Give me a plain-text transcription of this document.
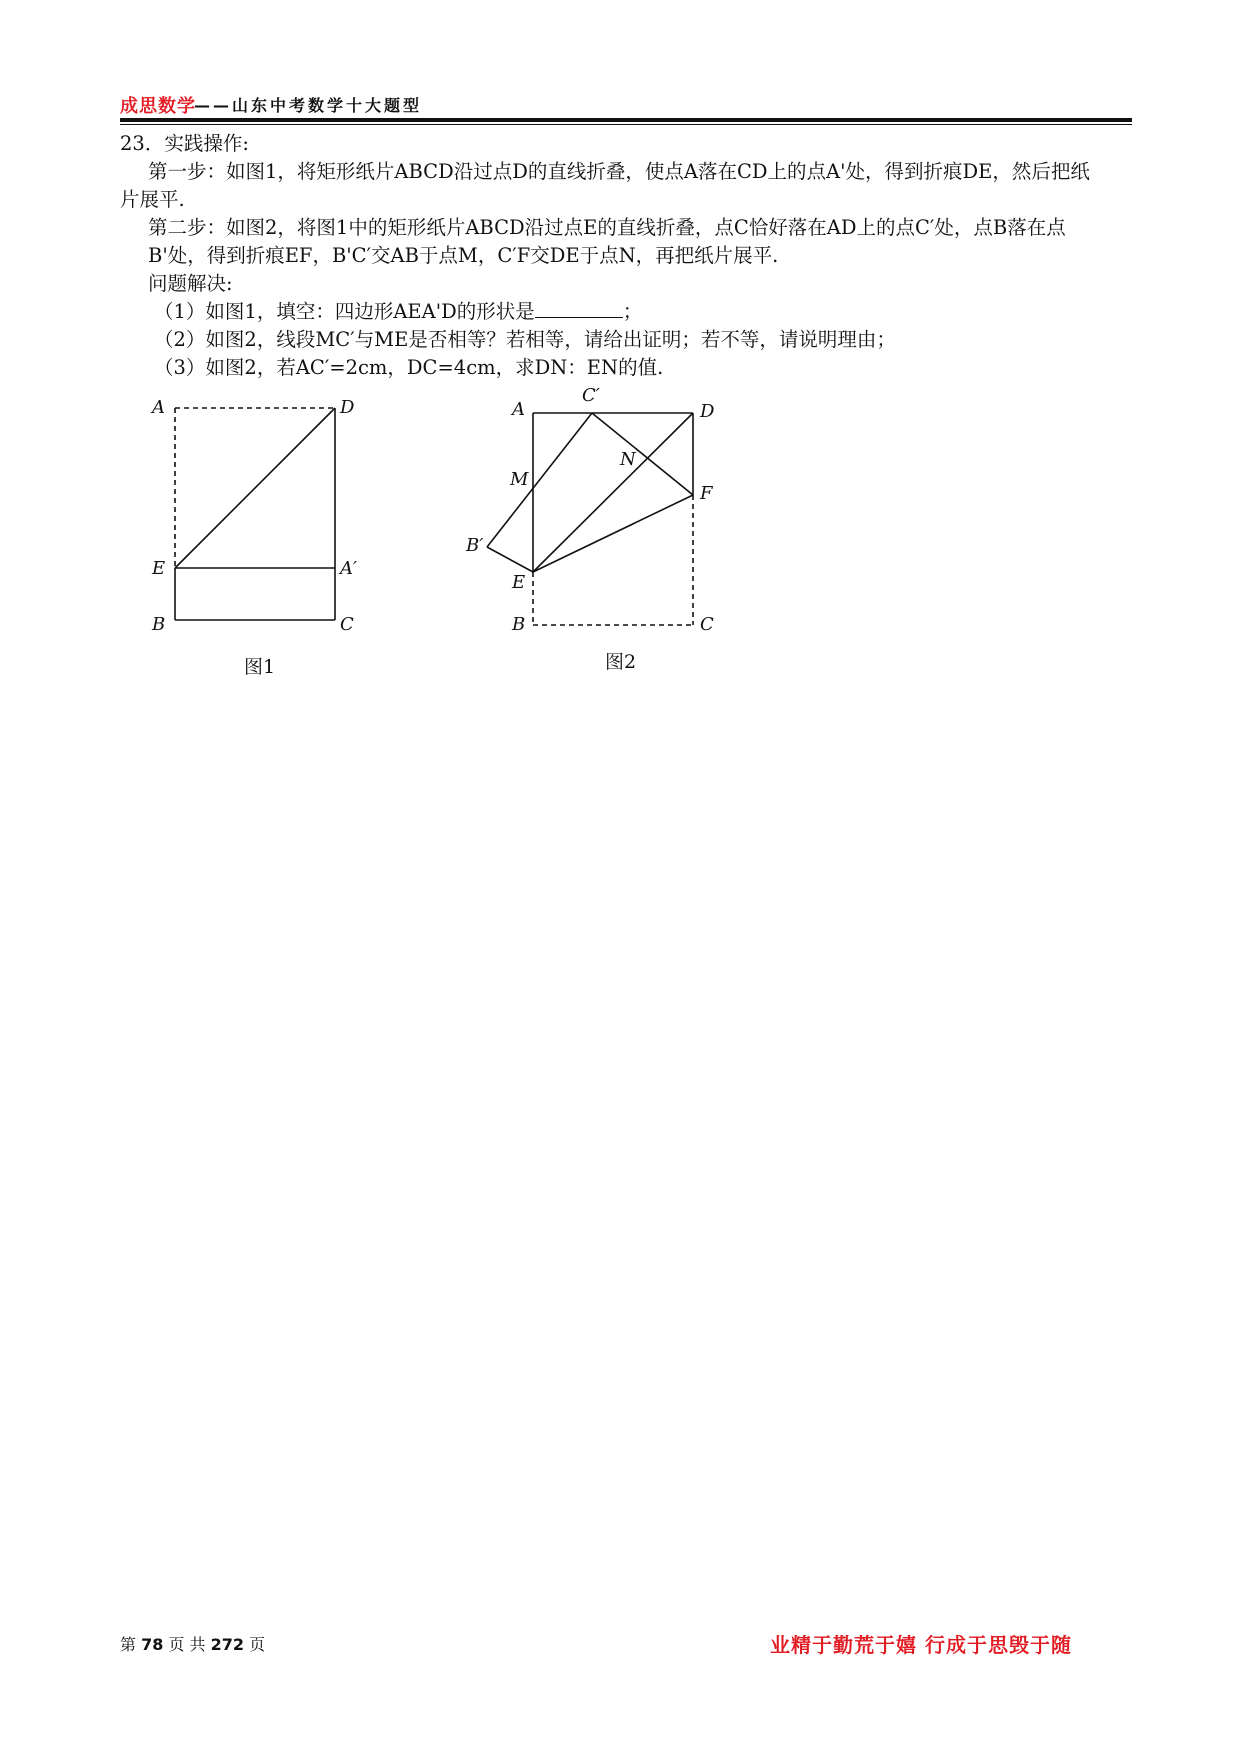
成思数学
——山东中考数学十大题型
23．实践操作:
第一步：如图1，将矩形纸片ABCD沿过点D的直线折叠，使点A落在CD上的点A'处，得到折痕DE，然后把纸
片展平.
第二步：如图2，将图1中的矩形纸片ABCD沿过点E的直线折叠，点C恰好落在AD上的点C′处，点B落在点
B'处，得到折痕EF，B'C′交AB于点M，C′F交DE于点N，再把纸片展平.
问题解决:
（1）如图1，填空：四边形AEA'D的形状是	；
（2）如图2，线段MC′与ME是否相等？若相等，请给出证明；若不等，请说明理由；
（3）如图2，若AC′=2cm，DC=4cm，求DN：EN的值.
A	D
E	A′
B	C
图1
A
C′
D
N
M
F
B′
E
B	C
图2
第 78 页 共 272 页	业精于勤荒于嬉 行成于思毁于随
